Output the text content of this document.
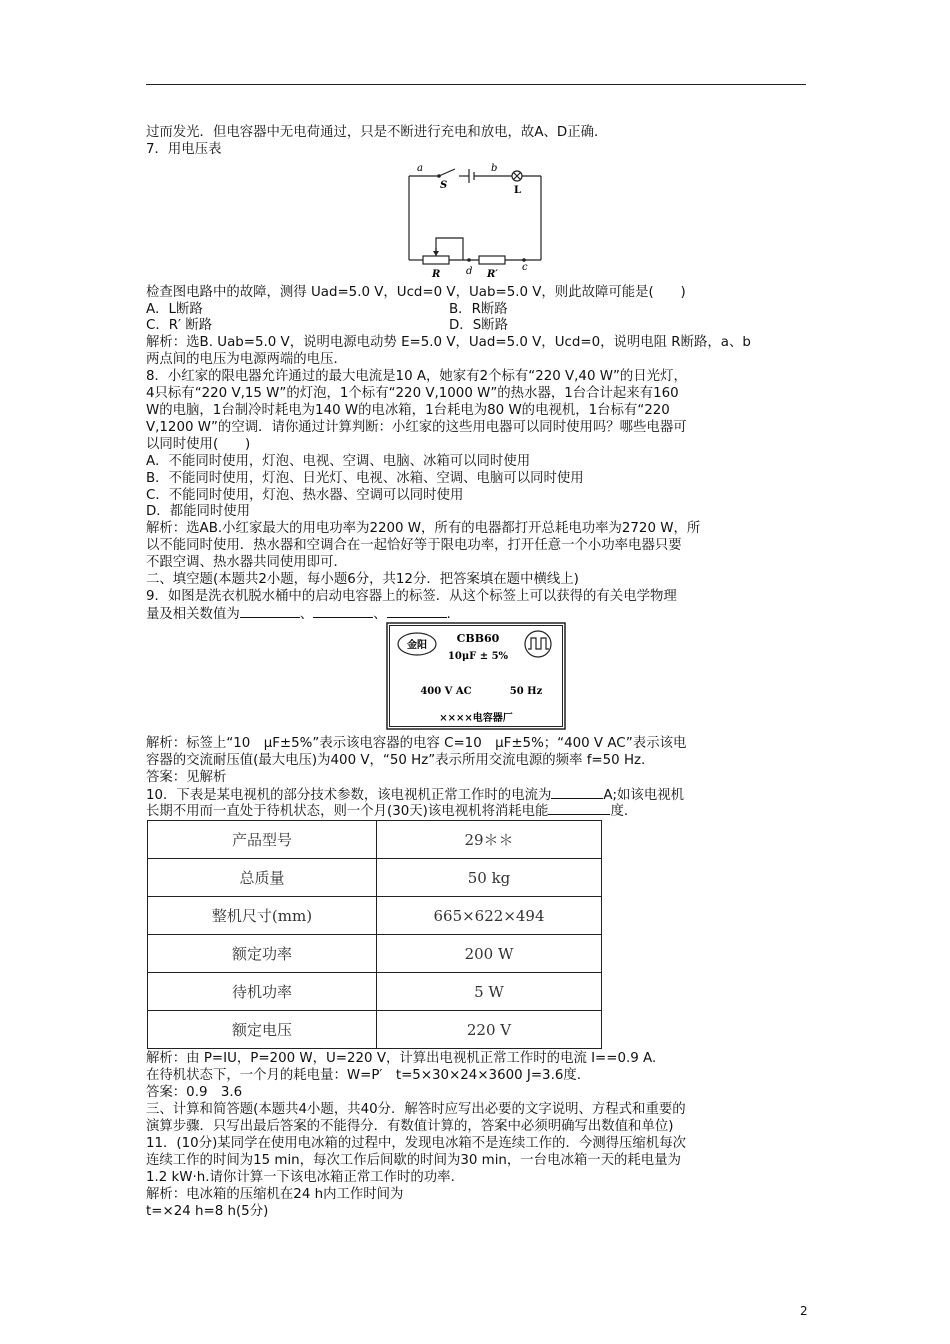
过而发光．但电容器中无电荷通过，只是不断进行充电和放电，故A、D正确．
7．用电压表
a
S
b
L
R	d R′
c
检查图电路中的故障，测得 Uad=5.0 V，Ucd=0 V，Uab=5.0 V，则此故障可能是(　　)
A．L断路	B．R断路
C．R′ 断路	D．S断路
解析：选B. Uab=5.0 V，说明电源电动势 E=5.0 V，Uad=5.0 V，Ucd=0，说明电阻 R断路，a、b
两点间的电压为电源两端的电压．
8．小红家的限电器允许通过的最大电流是10 A，她家有2个标有“220 V,40 W”的日光灯，
4只标有“220 V,15 W”的灯泡，1个标有“220 V,1000 W”的热水器，1台合计起来有160
W的电脑，1台制冷时耗电为140 W的电冰箱，1台耗电为80 W的电视机，1台标有“220
V,1200 W”的空调．请你通过计算判断：小红家的这些用电器可以同时使用吗？哪些电器可
以同时使用(　　)
A．不能同时使用，灯泡、电视、空调、电脑、冰箱可以同时使用
B．不能同时使用，灯泡、日光灯、电视、冰箱、空调、电脑可以同时使用
C．不能同时使用，灯泡、热水器、空调可以同时使用
D．都能同时使用
解析：选AB.小红家最大的用电功率为2200 W，所有的电器都打开总耗电功率为2720 W，所
以不能同时使用．热水器和空调合在一起恰好等于限电功率，打开任意一个小功率电器只要
不跟空调、热水器共同使用即可．
二、填空题(本题共2小题，每小题6分，共12分．把答案填在题中横线上)
9．如图是洗衣机脱水桶中的启动电容器上的标签．从这个标签上可以获得的有关电学物理
量及相关数值为	、	、	.
金阳
CBB60
10μF ± 5%
400 V AC	50 Hz
××××电容器厂
解析：标签上“10　μF±5%”表示该电容器的电容 C=10　μF±5%；“400 V AC”表示该电
容器的交流耐压值(最大电压)为400 V，“50 Hz”表示所用交流电源的频率 f=50 Hz.
答案：见解析
10．下表是某电视机的部分技术参数，该电视机正常工作时的电流为	A;如该电视机
长期不用而一直处于待机状态，则一个月(30天)该电视机将消耗电能	度.
产品型号	29＊＊
总质量	50 kg
整机尺寸(mm)	665×622×494
额定功率	200 W
待机功率	5 W
额定电压	220 V
解析：由 P=IU，P=200 W，U=220 V，计算出电视机正常工作时的电流 I==0.9 A.
在待机状态下，一个月的耗电量：W=P′　t=5×30×24×3600 J=3.6度.
答案：0.9　3.6
三、计算和简答题(本题共4小题，共40分．解答时应写出必要的文字说明、方程式和重要的
演算步骤．只写出最后答案的不能得分．有数值计算的，答案中必须明确写出数值和单位)
11．(10分)某同学在使用电冰箱的过程中，发现电冰箱不是连续工作的．今测得压缩机每次
连续工作的时间为15 min，每次工作后间歇的时间为30 min，一台电冰箱一天的耗电量为
1.2 kW·h.请你计算一下该电冰箱正常工作时的功率．
解析：电冰箱的压缩机在24 h内工作时间为
t=×24 h=8 h(5分)
2
